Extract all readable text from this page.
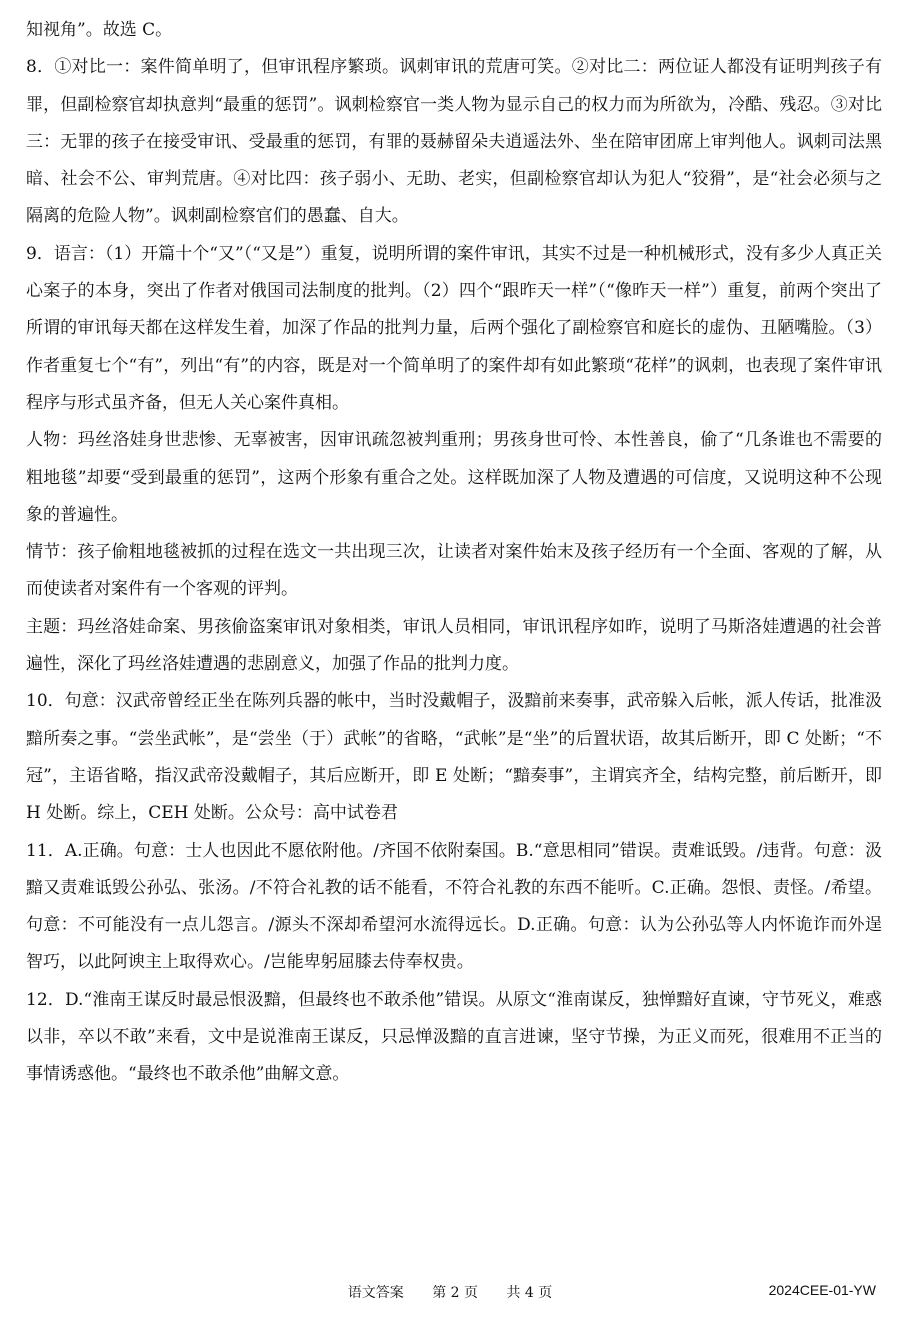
知视角”。故选 C。

8．①对比一：案件简单明了，但审讯程序繁琐。讽刺审讯的荒唐可笑。②对比二：两位证人都没有证明判孩子有罪，但副检察官却执意判“最重的惩罚”。讽刺检察官一类人物为显示自己的权力而为所欲为，冷酷、残忍。③对比三：无罪的孩子在接受审讯、受最重的惩罚，有罪的聂赫留朵夫逍遥法外、坐在陪审团席上审判他人。讽刺司法黑暗、社会不公、审判荒唐。④对比四：孩子弱小、无助、老实，但副检察官却认为犯人“狡猾”，是“社会必须与之隔离的危险人物”。讽刺副检察官们的愚蠢、自大。

9．语言：（1）开篇十个“又”（“又是”）重复，说明所谓的案件审讯，其实不过是一种机械形式，没有多少人真正关心案子的本身，突出了作者对俄国司法制度的批判。（2）四个“跟昨天一样”（“像昨天一样”）重复，前两个突出了所谓的审讯每天都在这样发生着，加深了作品的批判力量，后两个强化了副检察官和庭长的虚伪、丑陋嘴脸。（3）作者重复七个“有”，列出“有”的内容，既是对一个简单明了的案件却有如此繁琐“花样”的讽刺，也表现了案件审讯程序与形式虽齐备，但无人关心案件真相。

人物：玛丝洛娃身世悲惨、无辜被害，因审讯疏忽被判重刑；男孩身世可怜、本性善良，偷了“几条谁也不需要的粗地毯”却要“受到最重的惩罚”，这两个形象有重合之处。这样既加深了人物及遭遇的可信度，又说明这种不公现象的普遍性。

情节：孩子偷粗地毯被抓的过程在选文一共出现三次，让读者对案件始末及孩子经历有一个全面、客观的了解，从而使读者对案件有一个客观的评判。

主题：玛丝洛娃命案、男孩偷盗案审讯对象相类，审讯人员相同，审讯讯程序如昨，说明了马斯洛娃遭遇的社会普遍性，深化了玛丝洛娃遭遇的悲剧意义，加强了作品的批判力度。

10．句意：汉武帝曾经正坐在陈列兵器的帐中，当时没戴帽子，汲黯前来奏事，武帝躲入后帐，派人传话，批准汲黯所奏之事。“尝坐武帐”，是“尝坐（于）武帐”的省略，“武帐”是“坐”的后置状语，故其后断开，即 C 处断；“不冠”，主语省略，指汉武帝没戴帽子，其后应断开，即 E 处断；“黯奏事”，主谓宾齐全，结构完整，前后断开，即 H 处断。综上，CEH 处断。公众号：高中试卷君

11．A.正确。句意：士人也因此不愿依附他。/齐国不依附秦国。B.“意思相同”错误。责难诋毁。/违背。句意：汲黯又责难诋毁公孙弘、张汤。/不符合礼教的话不能看，不符合礼教的东西不能听。C.正确。怨恨、责怪。/希望。句意：不可能没有一点儿怨言。/源头不深却希望河水流得远长。D.正确。句意：认为公孙弘等人内怀诡诈而外逞智巧，以此阿谀主上取得欢心。/岂能卑躬屈膝去侍奉权贵。

12．D.“淮南王谋反时最忌恨汲黯，但最终也不敢杀他”错误。从原文“淮南谋反，独惮黯好直谏，守节死义，难惑以非，卒以不敢”来看，文中是说淮南王谋反，只忌惮汲黯的直言进谏，坚守节操，为正义而死，很难用不正当的事情诱惑他。“最终也不敢杀他”曲解文意。

语文答案 第 2 页 共 4 页	2024CEE-01-YW
